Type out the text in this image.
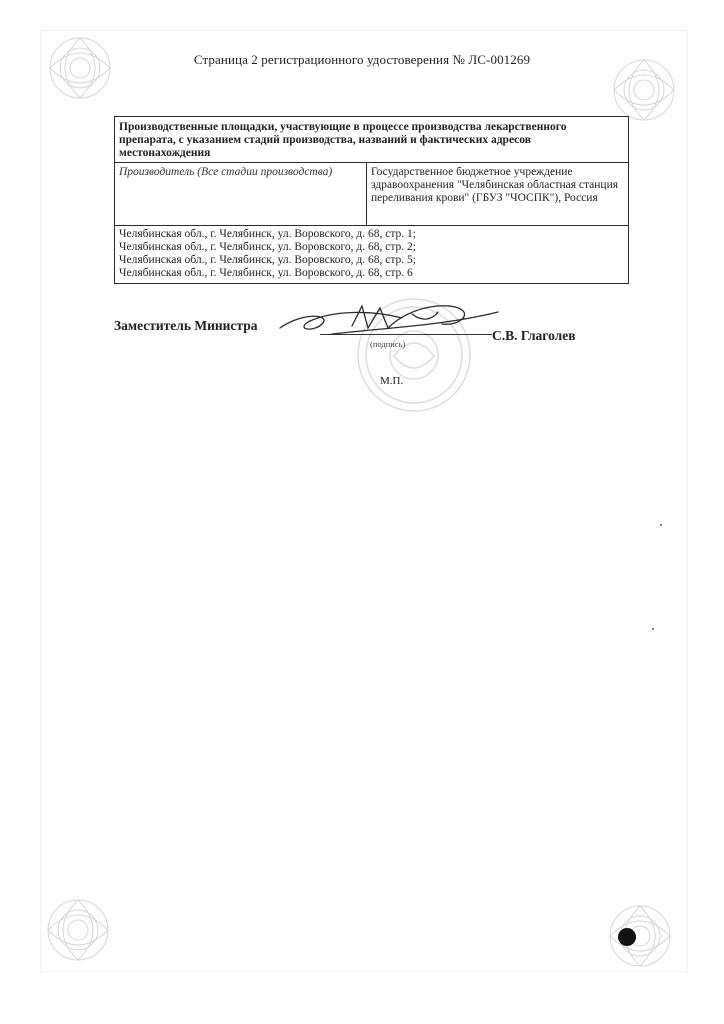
Страница 2 регистрационного удостоверения № ЛС-001269
Производственные площадки, участвующие в процессе производства лекарственного препарата, с указанием стадий производства, названий и фактических адресов местонахождения
Производитель (Все стадии производства)	Государственное бюджетное учреждение здравоохранения "Челябинская областная станция переливания крови" (ГБУЗ "ЧОСПК"), Россия

Челябинская обл., г. Челябинск, ул. Воровского, д. 68, стр. 1;
Челябинская обл., г. Челябинск, ул. Воровского, д. 68, стр. 2;
Челябинская обл., г. Челябинск, ул. Воровского, д. 68, стр. 5;
Челябинская обл., г. Челябинск, ул. Воровского, д. 68, стр. 6
Заместитель Министра
(подпись)
С.В. Глаголев
М.П.
